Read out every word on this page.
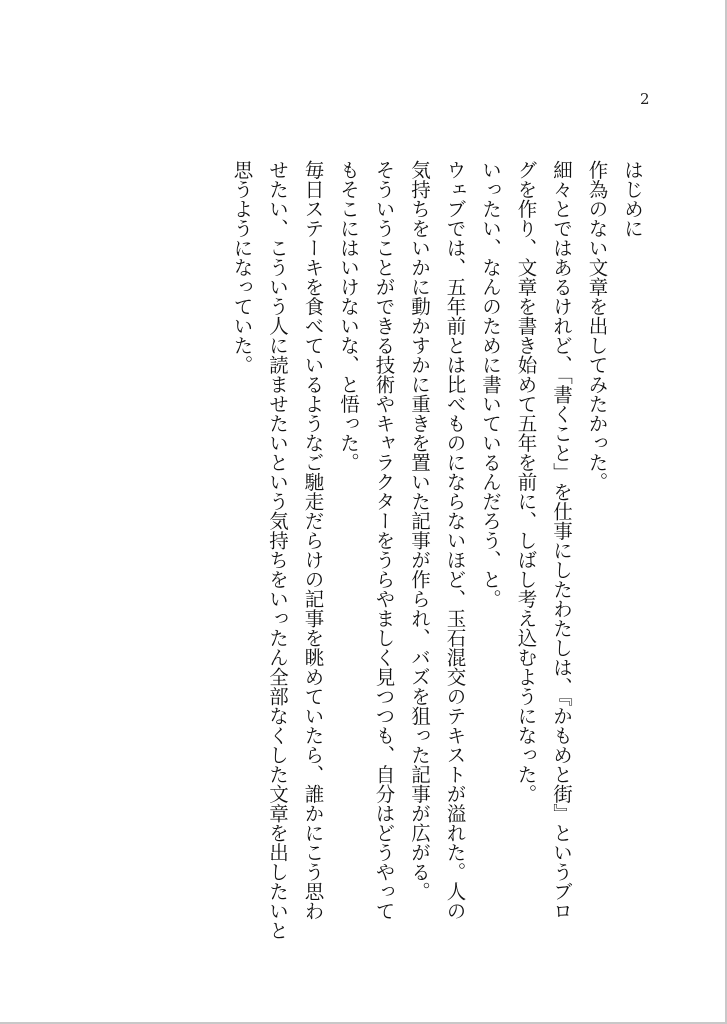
2

はじめに

作為のない文章を出してみたかった。

細々とではあるけれど、「書くこと」を仕事にしたわたしは、『かもめと街』というブロ

グを作り、文章を書き始めて五年を前に、しばし考え込むようになった。

いったい、なんのために書いているんだろう、と。

ウェブでは、五年前とは比べものにならないほど、玉石混交のテキストが溢れた。人の

気持ちをいかに動かすかに重きを置いた記事が作られ、バズを狙った記事が広がる。

そういうことができる技術やキャラクターをうらやましく見つつも、自分はどうやって

もそこにはいけないな、と悟った。

毎日ステーキを食べているようなご馳走だらけの記事を眺めていたら、誰かにこう思わ

せたい、こういう人に読ませたいという気持ちをいったん全部なくした文章を出したいと

思うようになっていた。
